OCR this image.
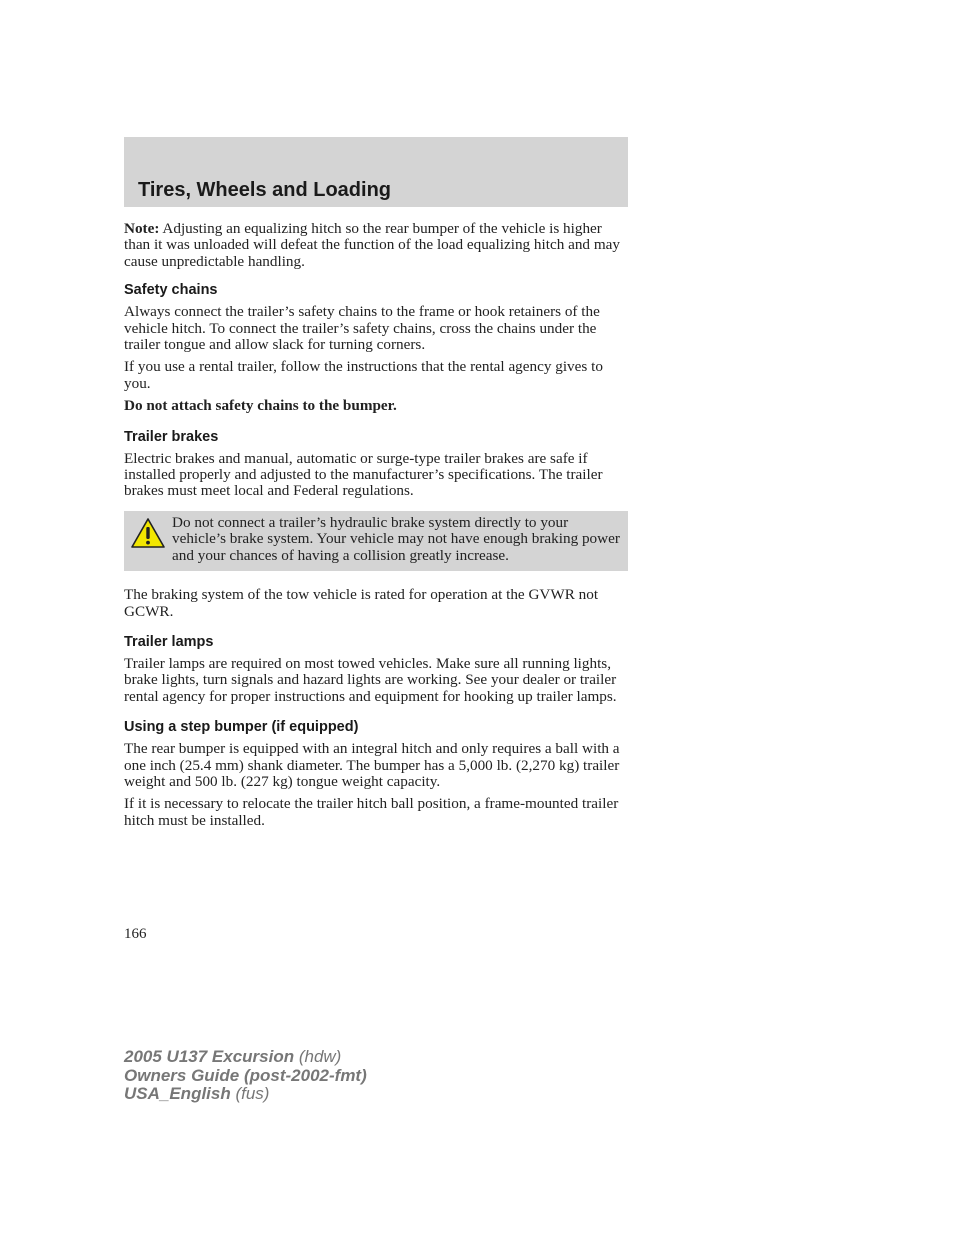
Tires, Wheels and Loading

Note: Adjusting an equalizing hitch so the rear bumper of the vehicle is higher than it was unloaded will defeat the function of the load equalizing hitch and may cause unpredictable handling.

Safety chains

Always connect the trailer’s safety chains to the frame or hook retainers of the vehicle hitch. To connect the trailer’s safety chains, cross the chains under the trailer tongue and allow slack for turning corners.

If you use a rental trailer, follow the instructions that the rental agency gives to you.

Do not attach safety chains to the bumper.

Trailer brakes

Electric brakes and manual, automatic or surge-type trailer brakes are safe if installed properly and adjusted to the manufacturer’s specifications. The trailer brakes must meet local and Federal regulations.

Do not connect a trailer’s hydraulic brake system directly to your vehicle’s brake system. Your vehicle may not have enough braking power and your chances of having a collision greatly increase.

The braking system of the tow vehicle is rated for operation at the GVWR not GCWR.

Trailer lamps

Trailer lamps are required on most towed vehicles. Make sure all running lights, brake lights, turn signals and hazard lights are working. See your dealer or trailer rental agency for proper instructions and equipment for hooking up trailer lamps.

Using a step bumper (if equipped)

The rear bumper is equipped with an integral hitch and only requires a ball with a one inch (25.4 mm) shank diameter. The bumper has a 5,000 lb. (2,270 kg) trailer weight and 500 lb. (227 kg) tongue weight capacity.

If it is necessary to relocate the trailer hitch ball position, a frame-mounted trailer hitch must be installed.

166
2005 U137 Excursion (hdw)
Owners Guide (post-2002-fmt)
USA_English (fus)
